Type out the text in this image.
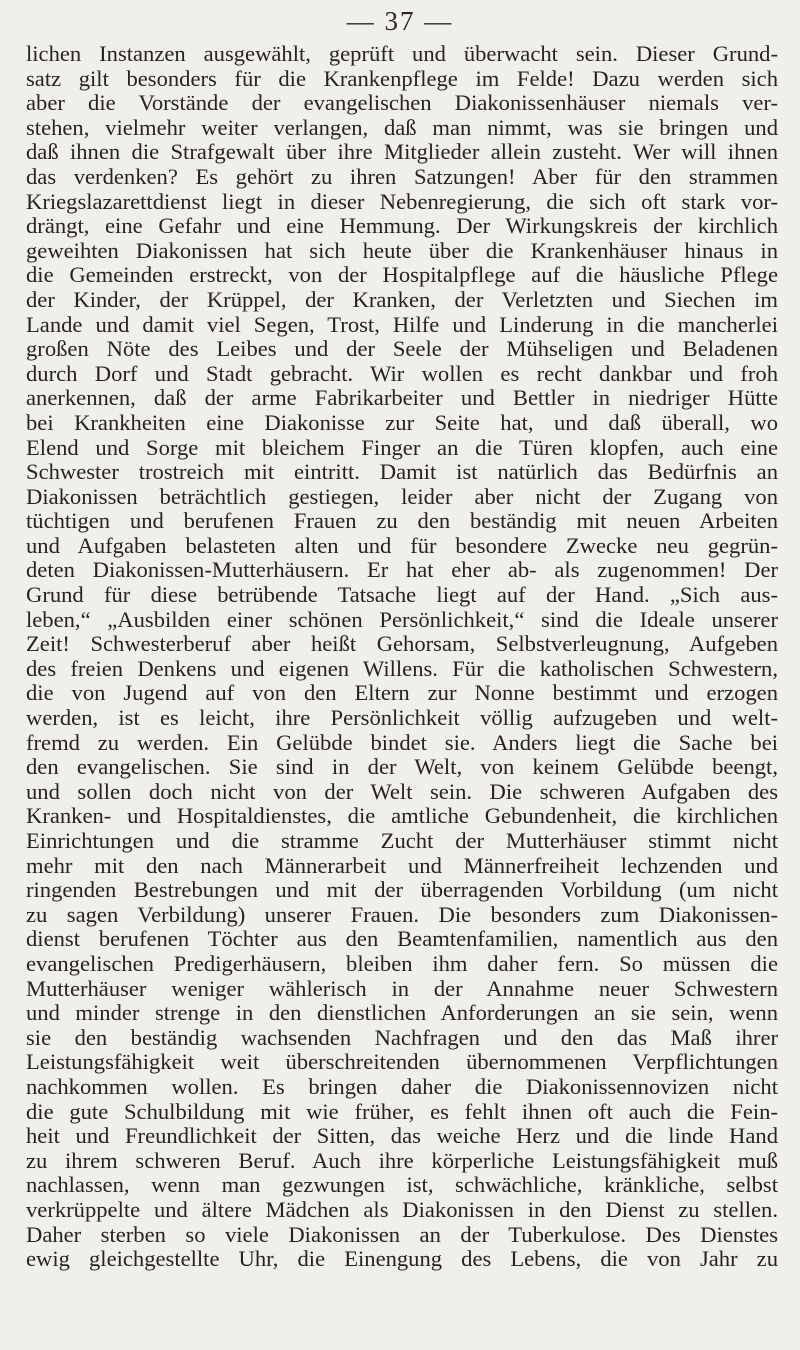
— 37 —
lichen Instanzen ausgewählt, geprüft und überwacht sein. Dieser Grund-
satz gilt besonders für die Krankenpflege im Felde! Dazu werden sich
aber die Vorstände der evangelischen Diakonissenhäuser niemals ver-
stehen, vielmehr weiter verlangen, daß man nimmt, was sie bringen und
daß ihnen die Strafgewalt über ihre Mitglieder allein zusteht. Wer will ihnen
das verdenken? Es gehört zu ihren Satzungen! Aber für den strammen
Kriegslazarettdienst liegt in dieser Nebenregierung, die sich oft stark vor-
drängt, eine Gefahr und eine Hemmung. Der Wirkungskreis der kirchlich
geweihten Diakonissen hat sich heute über die Krankenhäuser hinaus in
die Gemeinden erstreckt, von der Hospitalpflege auf die häusliche Pflege
der Kinder, der Krüppel, der Kranken, der Verletzten und Siechen im
Lande und damit viel Segen, Trost, Hilfe und Linderung in die mancherlei
großen Nöte des Leibes und der Seele der Mühseligen und Beladenen
durch Dorf und Stadt gebracht. Wir wollen es recht dankbar und froh
anerkennen, daß der arme Fabrikarbeiter und Bettler in niedriger Hütte
bei Krankheiten eine Diakonisse zur Seite hat, und daß überall, wo
Elend und Sorge mit bleichem Finger an die Türen klopfen, auch eine
Schwester trostreich mit eintritt. Damit ist natürlich das Bedürfnis an
Diakonissen beträchtlich gestiegen, leider aber nicht der Zugang von
tüchtigen und berufenen Frauen zu den beständig mit neuen Arbeiten
und Aufgaben belasteten alten und für besondere Zwecke neu gegrün-
deten Diakonissen-Mutterhäusern. Er hat eher ab- als zugenommen! Der
Grund für diese betrübende Tatsache liegt auf der Hand. „Sich aus-
leben,“ „Ausbilden einer schönen Persönlichkeit,“ sind die Ideale unserer
Zeit! Schwesterberuf aber heißt Gehorsam, Selbstverleugnung, Aufgeben
des freien Denkens und eigenen Willens. Für die katholischen Schwestern,
die von Jugend auf von den Eltern zur Nonne bestimmt und erzogen
werden, ist es leicht, ihre Persönlichkeit völlig aufzugeben und welt-
fremd zu werden. Ein Gelübde bindet sie. Anders liegt die Sache bei
den evangelischen. Sie sind in der Welt, von keinem Gelübde beengt,
und sollen doch nicht von der Welt sein. Die schweren Aufgaben des
Kranken- und Hospitaldienstes, die amtliche Gebundenheit, die kirchlichen
Einrichtungen und die stramme Zucht der Mutterhäuser stimmt nicht
mehr mit den nach Männerarbeit und Männerfreiheit lechzenden und
ringenden Bestrebungen und mit der überragenden Vorbildung (um nicht
zu sagen Verbildung) unserer Frauen. Die besonders zum Diakonissen-
dienst berufenen Töchter aus den Beamtenfamilien, namentlich aus den
evangelischen Predigerhäusern, bleiben ihm daher fern. So müssen die
Mutterhäuser weniger wählerisch in der Annahme neuer Schwestern
und minder strenge in den dienstlichen Anforderungen an sie sein, wenn
sie den beständig wachsenden Nachfragen und den das Maß ihrer
Leistungsfähigkeit weit überschreitenden übernommenen Verpflichtungen
nachkommen wollen. Es bringen daher die Diakonissennovizen nicht
die gute Schulbildung mit wie früher, es fehlt ihnen oft auch die Fein-
heit und Freundlichkeit der Sitten, das weiche Herz und die linde Hand
zu ihrem schweren Beruf. Auch ihre körperliche Leistungsfähigkeit muß
nachlassen, wenn man gezwungen ist, schwächliche, kränkliche, selbst
verkrüppelte und ältere Mädchen als Diakonissen in den Dienst zu stellen.
Daher sterben so viele Diakonissen an der Tuberkulose. Des Dienstes
ewig gleichgestellte Uhr, die Einengung des Lebens, die von Jahr zu
